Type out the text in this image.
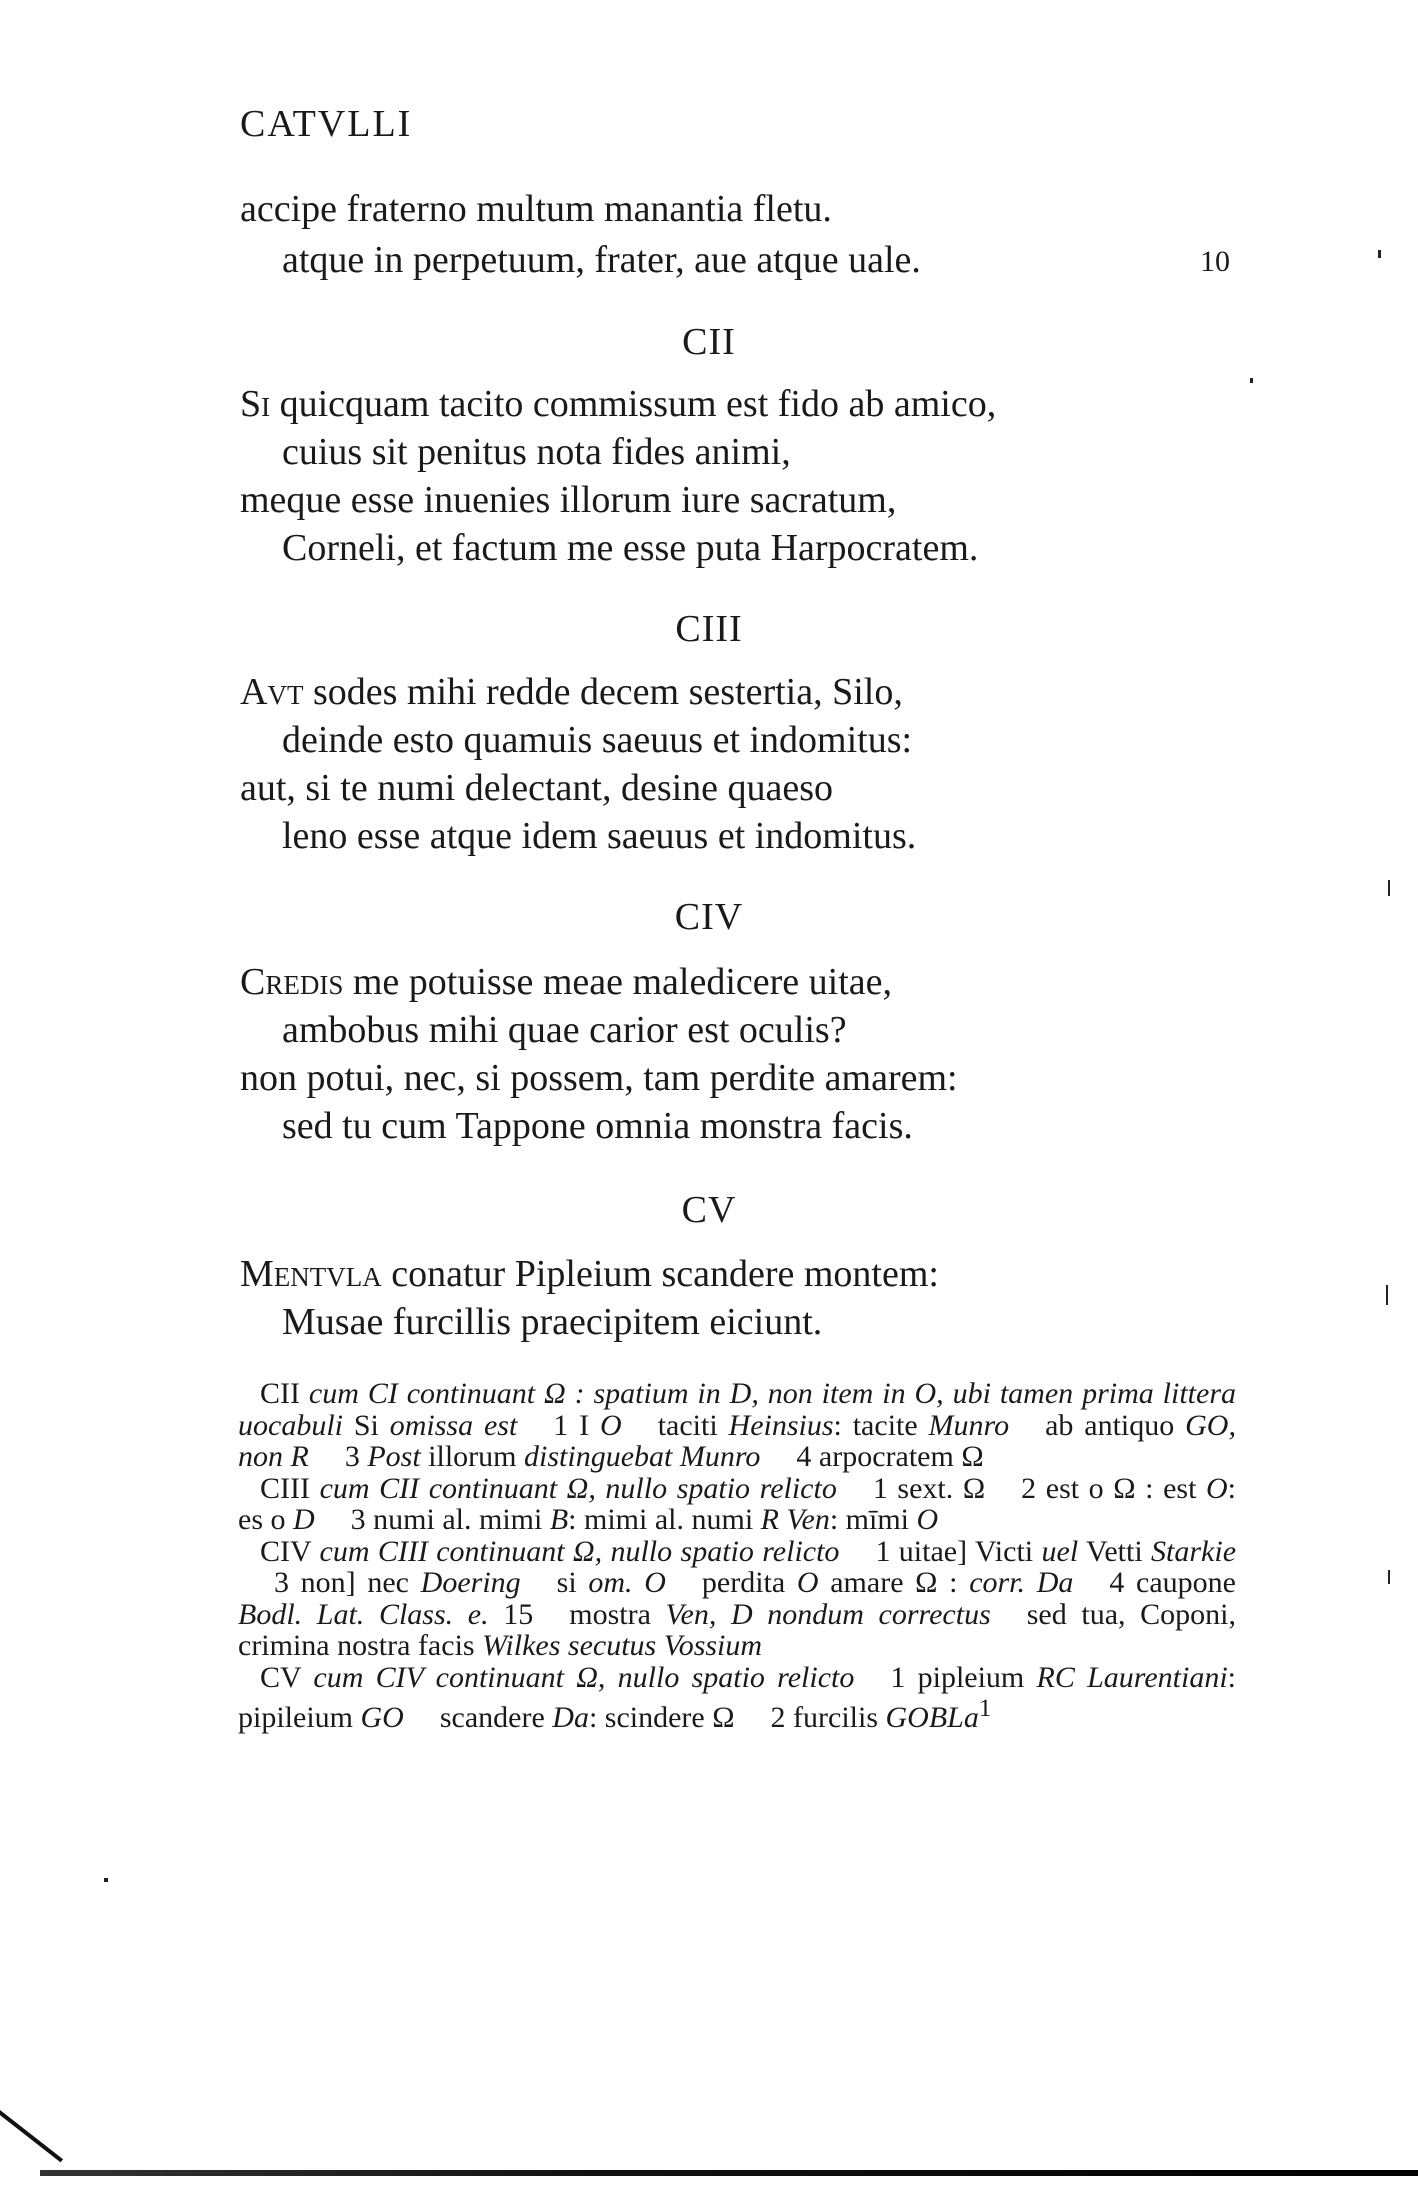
CATVLLI
accipe fraterno multum manantia fletu.
atque in perpetuum, frater, aue atque uale.	10
CII
Si quicquam tacito commissum est fido ab amico,
cuius sit penitus nota fides animi,
meque esse inuenies illorum iure sacratum,
Corneli, et factum me esse puta Harpocratem.
CIII
Avt sodes mihi redde decem sestertia, Silo,
deinde esto quamuis saeuus et indomitus:
aut, si te numi delectant, desine quaeso
leno esse atque idem saeuus et indomitus.
CIV
Credis me potuisse meae maledicere uitae,
ambobus mihi quae carior est oculis?
non potui, nec, si possem, tam perdite amarem:
sed tu cum Tappone omnia monstra facis.
CV
Mentvla conatur Pipleium scandere montem:
Musae furcillis praecipitem eiciunt.

CII cum CI continuant Ω : spatium in D, non item in O, ubi tamen prima littera uocabuli Si omissa est 1 I O taciti Heinsius: tacite Munro ab antiquo GO, non R 3 Post illorum distinguebat Munro 4 arpocratem Ω

CIII cum CII continuant Ω, nullo spatio relicto 1 sext. Ω 2 est o Ω : est O: es o D 3 numi al. mimi B: mimi al. numi R Ven: mīmi O

CIV cum CIII continuant Ω, nullo spatio relicto 1 uitae] Victi uel Vetti Starkie3 non] nec Doering si om. O perdita O amare Ω : corr. Da 4 caupone Bodl. Lat. Class. e. 15 mostra Ven, D nondum correctus sed tua, Coponi, crimina nostra facis Wilkes secutus Vossium

CV cum CIV continuant Ω, nullo spatio relicto 1 pipleium RC Laurentiani: pipileium GO scandere Da: scindere Ω 2 furcilis GOBLa$^1$
